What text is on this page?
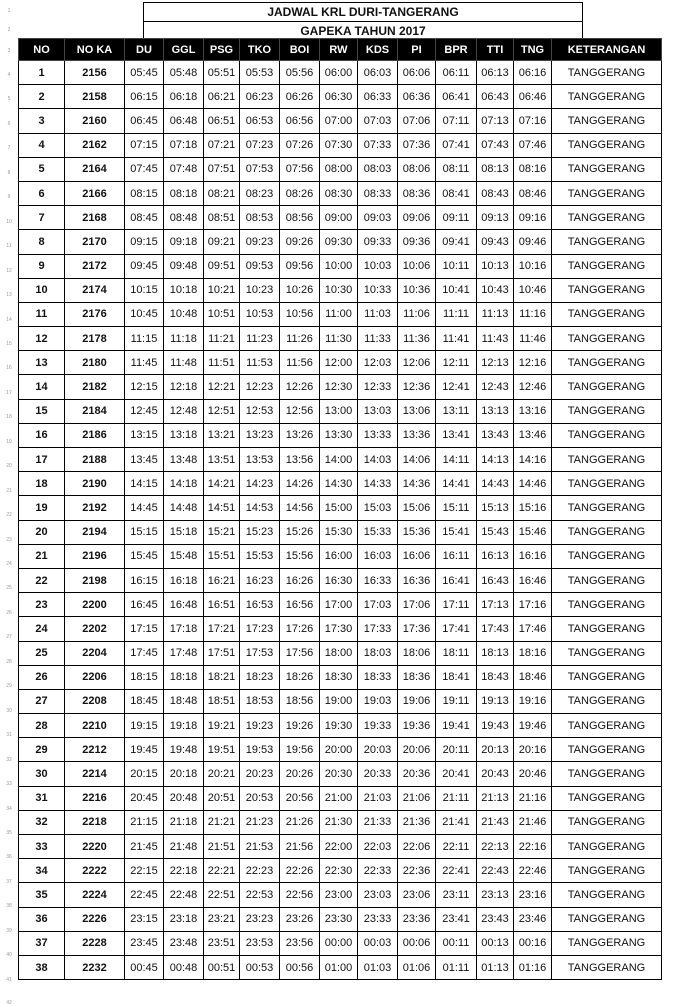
1
2
3
4
5
6
7
8
9
10
11
12
13
14
15
16
17
18
19
20
21
22
23
24
25
26
27
28
29
30
31
32
33
34
35
36
37
38
39
40
41
42
JADWAL KRL DURI-TANGERANG
GAPEKA TAHUN 2017
NO	NO KA	DU	GGL	PSG	TKO	BOI	RW	KDS	PI	BPR	TTI	TNG	KETERANGAN
1	2156	05:45	05:48	05:51	05:53	05:56	06:00	06:03	06:06	06:11	06:13	06:16	TANGGERANG
2	2158	06:15	06:18	06:21	06:23	06:26	06:30	06:33	06:36	06:41	06:43	06:46	TANGGERANG
3	2160	06:45	06:48	06:51	06:53	06:56	07:00	07:03	07:06	07:11	07:13	07:16	TANGGERANG
4	2162	07:15	07:18	07:21	07:23	07:26	07:30	07:33	07:36	07:41	07:43	07:46	TANGGERANG
5	2164	07:45	07:48	07:51	07:53	07:56	08:00	08:03	08:06	08:11	08:13	08:16	TANGGERANG
6	2166	08:15	08:18	08:21	08:23	08:26	08:30	08:33	08:36	08:41	08:43	08:46	TANGGERANG
7	2168	08:45	08:48	08:51	08:53	08:56	09:00	09:03	09:06	09:11	09:13	09:16	TANGGERANG
8	2170	09:15	09:18	09:21	09:23	09:26	09:30	09:33	09:36	09:41	09:43	09:46	TANGGERANG
9	2172	09:45	09:48	09:51	09:53	09:56	10:00	10:03	10:06	10:11	10:13	10:16	TANGGERANG
10	2174	10:15	10:18	10:21	10:23	10:26	10:30	10:33	10:36	10:41	10:43	10:46	TANGGERANG
11	2176	10:45	10:48	10:51	10:53	10:56	11:00	11:03	11:06	11:11	11:13	11:16	TANGGERANG
12	2178	11:15	11:18	11:21	11:23	11:26	11:30	11:33	11:36	11:41	11:43	11:46	TANGGERANG
13	2180	11:45	11:48	11:51	11:53	11:56	12:00	12:03	12:06	12:11	12:13	12:16	TANGGERANG
14	2182	12:15	12:18	12:21	12:23	12:26	12:30	12:33	12:36	12:41	12:43	12:46	TANGGERANG
15	2184	12:45	12:48	12:51	12:53	12:56	13:00	13:03	13:06	13:11	13:13	13:16	TANGGERANG
16	2186	13:15	13:18	13:21	13:23	13:26	13:30	13:33	13:36	13:41	13:43	13:46	TANGGERANG
17	2188	13:45	13:48	13:51	13:53	13:56	14:00	14:03	14:06	14:11	14:13	14:16	TANGGERANG
18	2190	14:15	14:18	14:21	14:23	14:26	14:30	14:33	14:36	14:41	14:43	14:46	TANGGERANG
19	2192	14:45	14:48	14:51	14:53	14:56	15:00	15:03	15:06	15:11	15:13	15:16	TANGGERANG
20	2194	15:15	15:18	15:21	15:23	15:26	15:30	15:33	15:36	15:41	15:43	15:46	TANGGERANG
21	2196	15:45	15:48	15:51	15:53	15:56	16:00	16:03	16:06	16:11	16:13	16:16	TANGGERANG
22	2198	16:15	16:18	16:21	16:23	16:26	16:30	16:33	16:36	16:41	16:43	16:46	TANGGERANG
23	2200	16:45	16:48	16:51	16:53	16:56	17:00	17:03	17:06	17:11	17:13	17:16	TANGGERANG
24	2202	17:15	17:18	17:21	17:23	17:26	17:30	17:33	17:36	17:41	17:43	17:46	TANGGERANG
25	2204	17:45	17:48	17:51	17:53	17:56	18:00	18:03	18:06	18:11	18:13	18:16	TANGGERANG
26	2206	18:15	18:18	18:21	18:23	18:26	18:30	18:33	18:36	18:41	18:43	18:46	TANGGERANG
27	2208	18:45	18:48	18:51	18:53	18:56	19:00	19:03	19:06	19:11	19:13	19:16	TANGGERANG
28	2210	19:15	19:18	19:21	19:23	19:26	19:30	19:33	19:36	19:41	19:43	19:46	TANGGERANG
29	2212	19:45	19:48	19:51	19:53	19:56	20:00	20:03	20:06	20:11	20:13	20:16	TANGGERANG
30	2214	20:15	20:18	20:21	20:23	20:26	20:30	20:33	20:36	20:41	20:43	20:46	TANGGERANG
31	2216	20:45	20:48	20:51	20:53	20:56	21:00	21:03	21:06	21:11	21:13	21:16	TANGGERANG
32	2218	21:15	21:18	21:21	21:23	21:26	21:30	21:33	21:36	21:41	21:43	21:46	TANGGERANG
33	2220	21:45	21:48	21:51	21:53	21:56	22:00	22:03	22:06	22:11	22:13	22:16	TANGGERANG
34	2222	22:15	22:18	22:21	22:23	22:26	22:30	22:33	22:36	22:41	22:43	22:46	TANGGERANG
35	2224	22:45	22:48	22:51	22:53	22:56	23:00	23:03	23:06	23:11	23:13	23:16	TANGGERANG
36	2226	23:15	23:18	23:21	23:23	23:26	23:30	23:33	23:36	23:41	23:43	23:46	TANGGERANG
37	2228	23:45	23:48	23:51	23:53	23:56	00:00	00:03	00:06	00:11	00:13	00:16	TANGGERANG
38	2232	00:45	00:48	00:51	00:53	00:56	01:00	01:03	01:06	01:11	01:13	01:16	TANGGERANG
